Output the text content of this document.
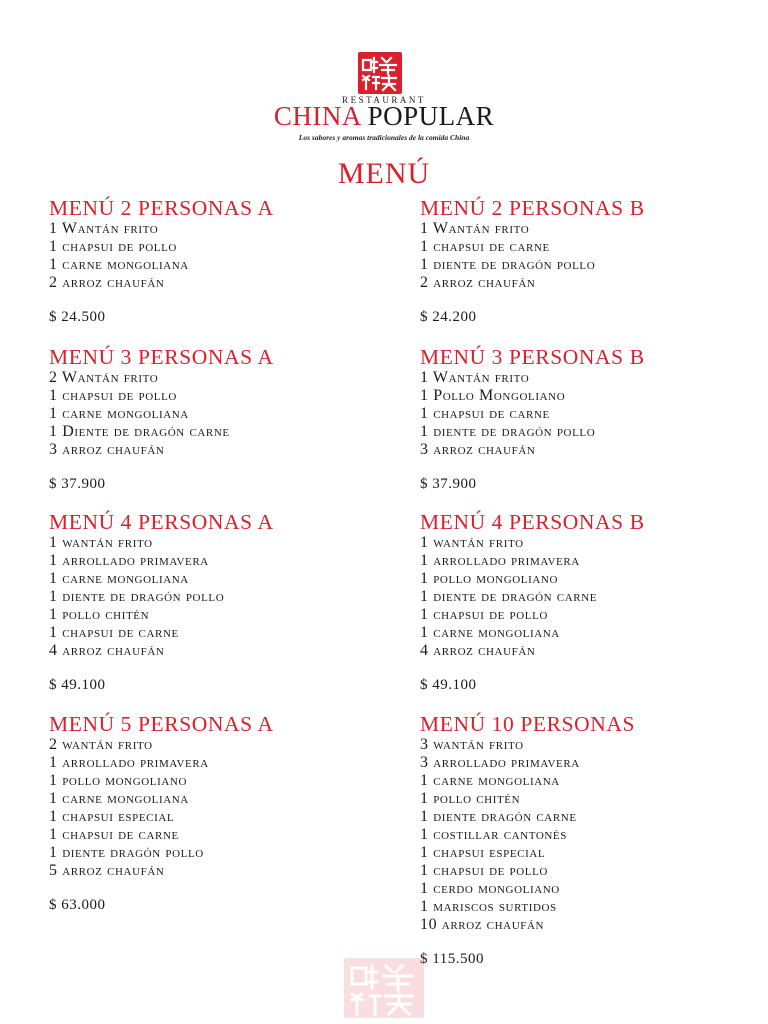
RESTAURANT
CHINA POPULAR
Los sabores y aromas tradicionales de la comida China
MENÚ
MENÚ 2 PERSONAS A
1 Wantán frito
1 chapsui de pollo
1 carne mongoliana
2 arroz chaufán
$ 24.500
MENÚ 3 PERSONAS A
2 Wantán frito
1 chapsui de pollo
1 carne mongoliana
1 Diente de dragón carne
3 arroz chaufán
$ 37.900
MENÚ 4 PERSONAS A
1 wantán frito
1 arrollado primavera
1 carne mongoliana
1 diente de dragón pollo
1 pollo chitén
1 chapsui de carne
4 arroz chaufán
$ 49.100
MENÚ 5 PERSONAS A
2 wantán frito
1 arrollado primavera
1 pollo mongoliano
1 carne mongoliana
1 chapsui especial
1 chapsui de carne
1 diente dragón pollo
5 arroz chaufán
$ 63.000
MENÚ 2 PERSONAS B
1 Wantán frito
1 chapsui de carne
1 diente de dragón pollo
2 arroz chaufán
$ 24.200
MENÚ 3 PERSONAS B
1 Wantán frito
1 Pollo Mongoliano
1 chapsui de carne
1 diente de dragón pollo
3 arroz chaufán
$ 37.900
MENÚ 4 PERSONAS B
1 wantán frito
1 arrollado primavera
1 pollo mongoliano
1 diente de dragón carne
1 chapsui de pollo
1 carne mongoliana
4 arroz chaufán
$ 49.100
MENÚ 10 PERSONAS
3 wantán frito
3 arrollado primavera
1 carne mongoliana
1 pollo chitén
1 diente dragón carne
1 costillar cantonés
1 chapsui especial
1 chapsui de pollo
1 cerdo mongoliano
1 mariscos surtidos
10 arroz chaufán
$ 115.500
